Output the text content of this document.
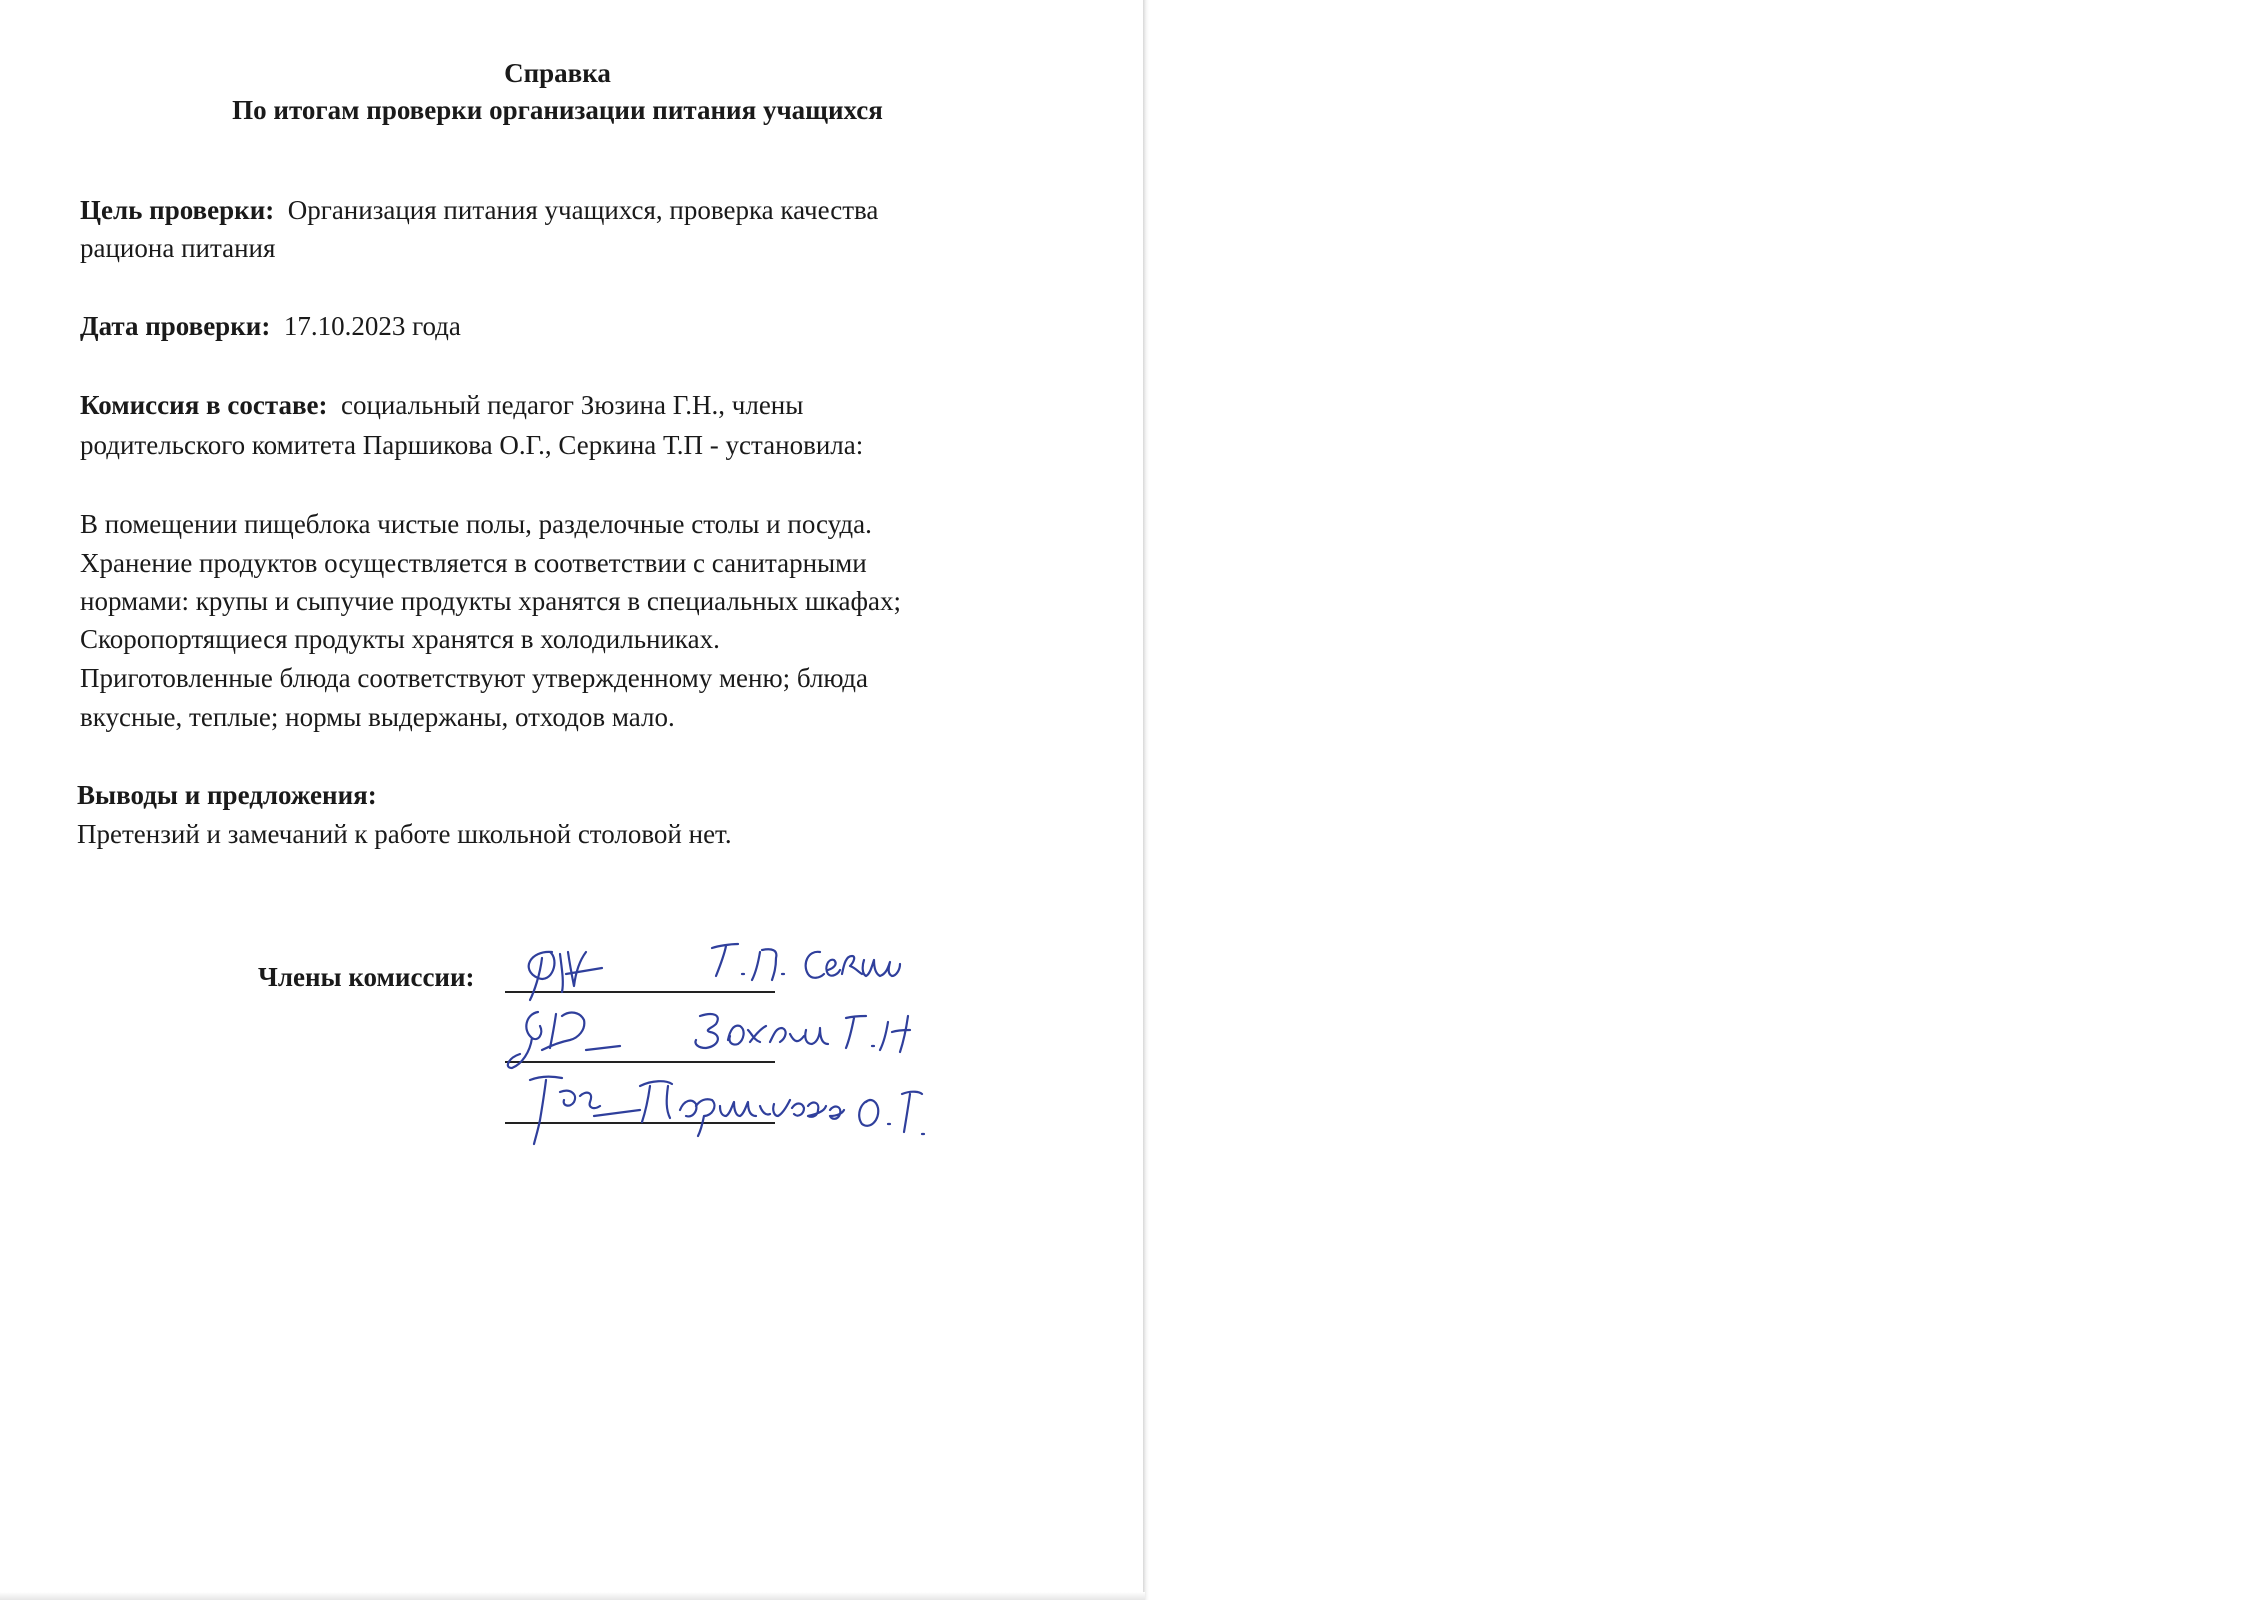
Справка
По итогам проверки организации питания учащихся
Цель проверки: Организация питания учащихся, проверка качества
рациона питания
Дата проверки: 17.10.2023 года
Комиссия в составе: социальный педагог Зюзина Г.Н., члены
родительского комитета Паршикова О.Г., Серкина Т.П - установила:
В помещении пищеблока чистые полы, разделочные столы и посуда.
Хранение продуктов осуществляется в соответствии с санитарными
нормами: крупы и сыпучие продукты хранятся в специальных шкафах;
Скоропортящиеся продукты хранятся в холодильниках.
Приготовленные блюда соответствуют утвержденному меню; блюда
вкусные, теплые; нормы выдержаны, отходов мало.
Выводы и предложения:
Претензий и замечаний к работе школьной столовой нет.
Члены комиссии:
